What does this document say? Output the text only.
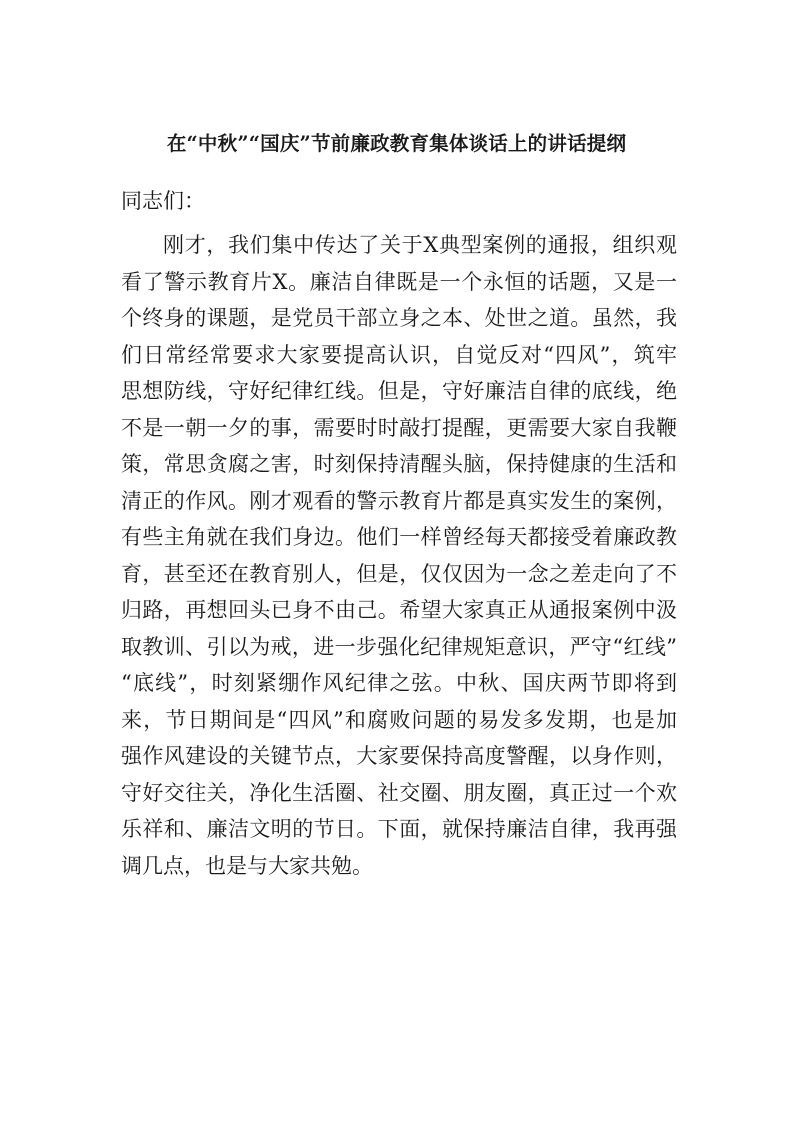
在“中秋”“国庆”节前廉政教育集体谈话上的讲话提纲
同志们：
刚才，我们集中传达了关于X典型案例的通报，组织观
看了警示教育片X。廉洁自律既是一个永恒的话题，又是一
个终身的课题，是党员干部立身之本、处世之道。虽然，我
们日常经常要求大家要提高认识，自觉反对“四风”，筑牢
思想防线，守好纪律红线。但是，守好廉洁自律的底线，绝
不是一朝一夕的事，需要时时敲打提醒，更需要大家自我鞭
策，常思贪腐之害，时刻保持清醒头脑，保持健康的生活和
清正的作风。刚才观看的警示教育片都是真实发生的案例，
有些主角就在我们身边。他们一样曾经每天都接受着廉政教
育，甚至还在教育别人，但是，仅仅因为一念之差走向了不
归路，再想回头已身不由己。希望大家真正从通报案例中汲
取教训、引以为戒，进一步强化纪律规矩意识，严守“红线”
“底线”，时刻紧绷作风纪律之弦。中秋、国庆两节即将到
来，节日期间是“四风”和腐败问题的易发多发期，也是加
强作风建设的关键节点，大家要保持高度警醒，以身作则，
守好交往关，净化生活圈、社交圈、朋友圈，真正过一个欢
乐祥和、廉洁文明的节日。下面，就保持廉洁自律，我再强
调几点，也是与大家共勉。
